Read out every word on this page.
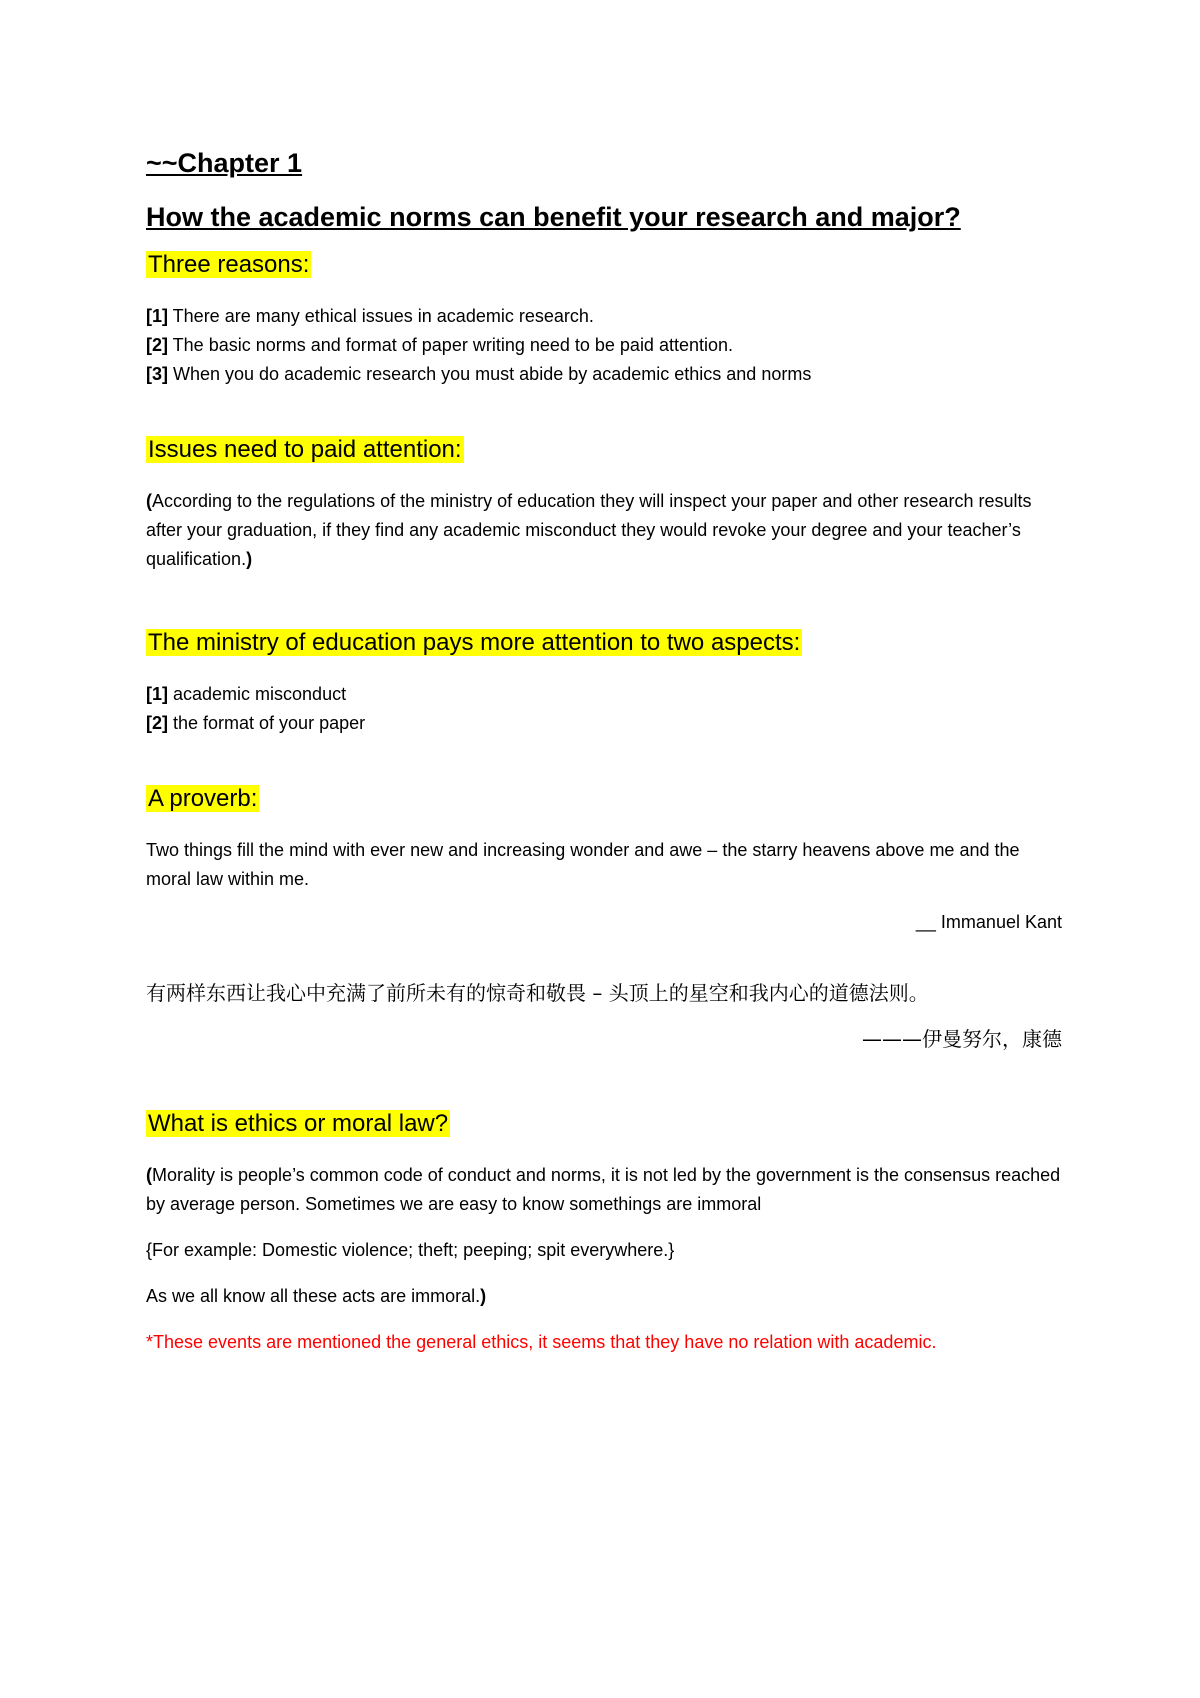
~~Chapter 1
How the academic norms can benefit your research and major?
Three reasons:

[1] There are many ethical issues in academic research.

[2] The basic norms and format of paper writing need to be paid attention.

[3] When you do academic research you must abide by academic ethics and norms

Issues need to paid attention:

(According to the regulations of the ministry of education they will inspect your paper and other research results after your graduation, if they find any academic misconduct they would revoke your degree and your teacher’s qualification.)

The ministry of education pays more attention to two aspects:

[1] academic misconduct

[2] the format of your paper

A proverb:

Two things fill the mind with ever new and increasing wonder and awe – the starry heavens above me and the moral law within me.

__ Immanuel Kant

有两样东西让我心中充满了前所未有的惊奇和敬畏 – 头顶上的星空和我内心的道德法则。

———伊曼努尔，康德

What is ethics or moral law?

(Morality is people’s common code of conduct and norms, it is not led by the government is the consensus reached by average person. Sometimes we are easy to know somethings are immoral

{For example: Domestic violence; theft; peeping; spit everywhere.}

As we all know all these acts are immoral.)

*These events are mentioned the general ethics, it seems that they have no relation with academic.
